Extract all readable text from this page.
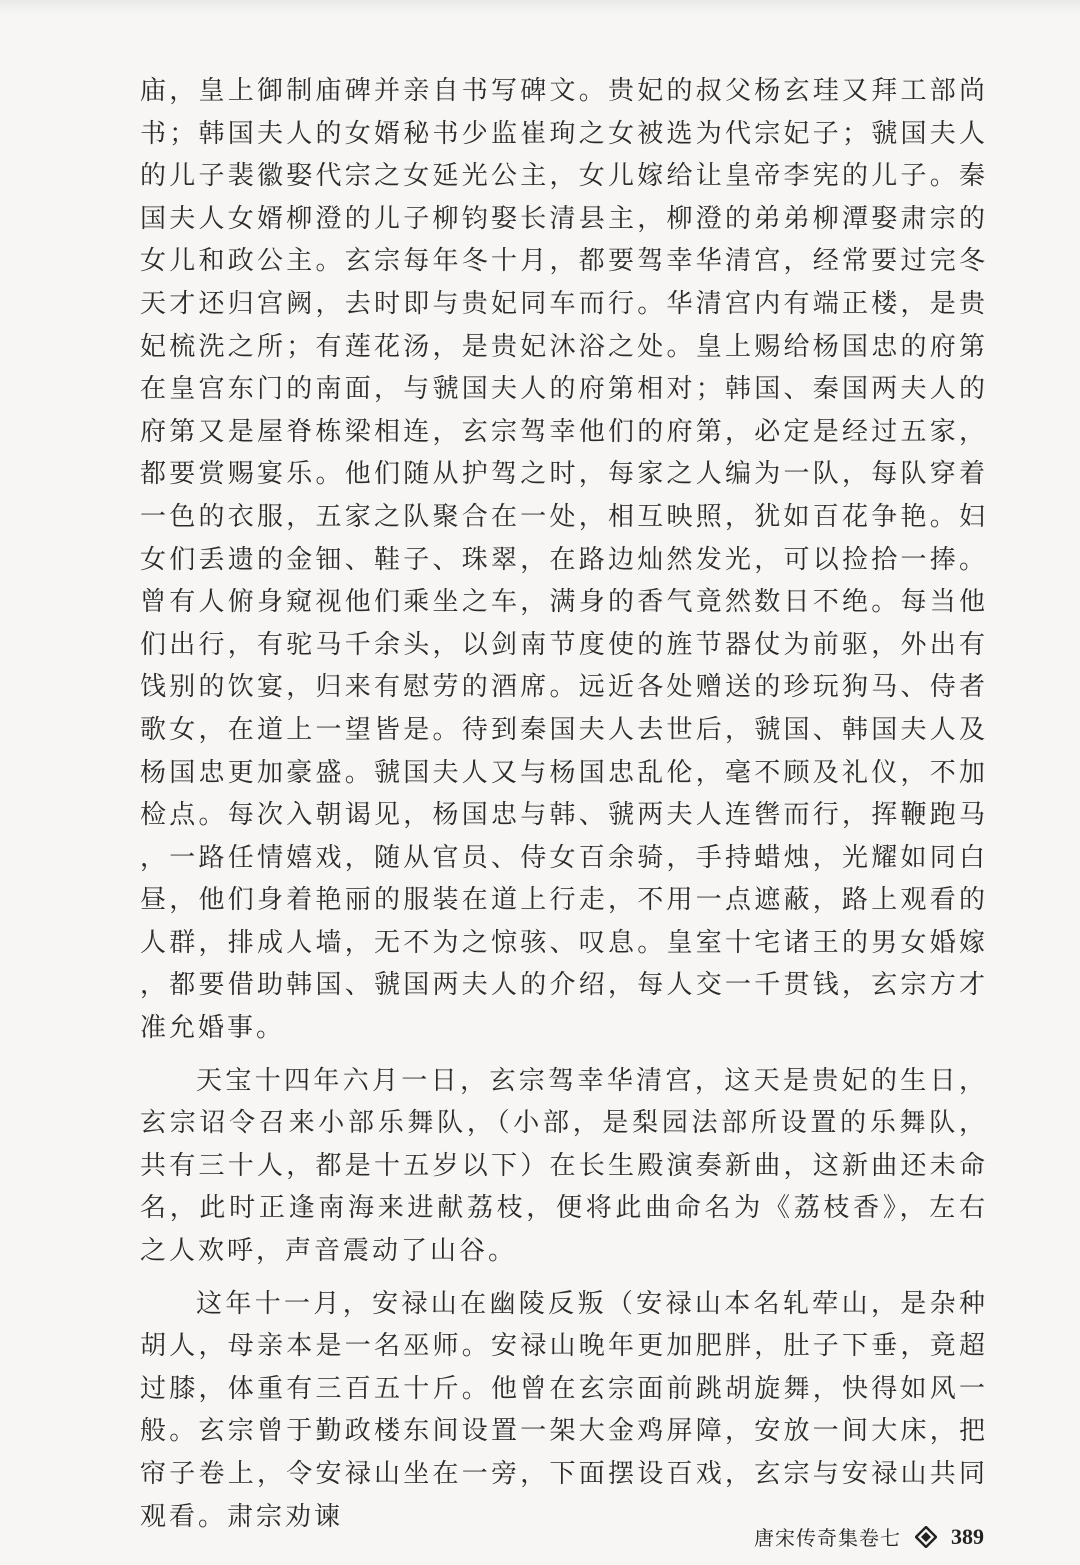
庙，皇上御制庙碑并亲自书写碑文。贵妃的叔父杨玄珪又拜工部尚书；韩国夫人的女婿秘书少监崔珣之女被选为代宗妃子；虢国夫人的儿子裴徽娶代宗之女延光公主，女儿嫁给让皇帝李宪的儿子。秦国夫人女婿柳澄的儿子柳钧娶长清县主，柳澄的弟弟柳潭娶肃宗的女儿和政公主。玄宗每年冬十月，都要驾幸华清宫，经常要过完冬天才还归宫阙，去时即与贵妃同车而行。华清宫内有端正楼，是贵妃梳洗之所；有莲花汤，是贵妃沐浴之处。皇上赐给杨国忠的府第在皇宫东门的南面，与虢国夫人的府第相对；韩国、秦国两夫人的府第又是屋脊栋梁相连，玄宗驾幸他们的府第，必定是经过五家，都要赏赐宴乐。他们随从护驾之时，每家之人编为一队，每队穿着一色的衣服，五家之队聚合在一处，相互映照，犹如百花争艳。妇女们丢遗的金钿、鞋子、珠翠，在路边灿然发光，可以捡拾一捧。曾有人俯身窥视他们乘坐之车，满身的香气竟然数日不绝。每当他们出行，有驼马千余头，以剑南节度使的旌节器仗为前驱，外出有饯别的饮宴，归来有慰劳的酒席。远近各处赠送的珍玩狗马、侍者歌女，在道上一望皆是。待到秦国夫人去世后，虢国、韩国夫人及杨国忠更加豪盛。虢国夫人又与杨国忠乱伦，毫不顾及礼仪，不加检点。每次入朝谒见，杨国忠与韩、虢两夫人连辔而行，挥鞭跑马，一路任情嬉戏，随从官员、侍女百余骑，手持蜡烛，光耀如同白昼，他们身着艳丽的服装在道上行走，不用一点遮蔽，路上观看的人群，排成人墙，无不为之惊骇、叹息。皇室十宅诸王的男女婚嫁，都要借助韩国、虢国两夫人的介绍，每人交一千贯钱，玄宗方才准允婚事。

天宝十四年六月一日，玄宗驾幸华清宫，这天是贵妃的生日，玄宗诏令召来小部乐舞队，（小部，是梨园法部所设置的乐舞队，共有三十人，都是十五岁以下）在长生殿演奏新曲，这新曲还未命名，此时正逢南海来进献荔枝，便将此曲命名为《荔枝香》，左右之人欢呼，声音震动了山谷。

这年十一月，安禄山在幽陵反叛（安禄山本名轧荦山，是杂种胡人，母亲本是一名巫师。安禄山晚年更加肥胖，肚子下垂，竟超过膝，体重有三百五十斤。他曾在玄宗面前跳胡旋舞，快得如风一般。玄宗曾于勤政楼东间设置一架大金鸡屏障，安放一间大床，把帘子卷上，令安禄山坐在一旁，下面摆设百戏，玄宗与安禄山共同观看。肃宗劝谏

唐宋传奇集卷七 389
